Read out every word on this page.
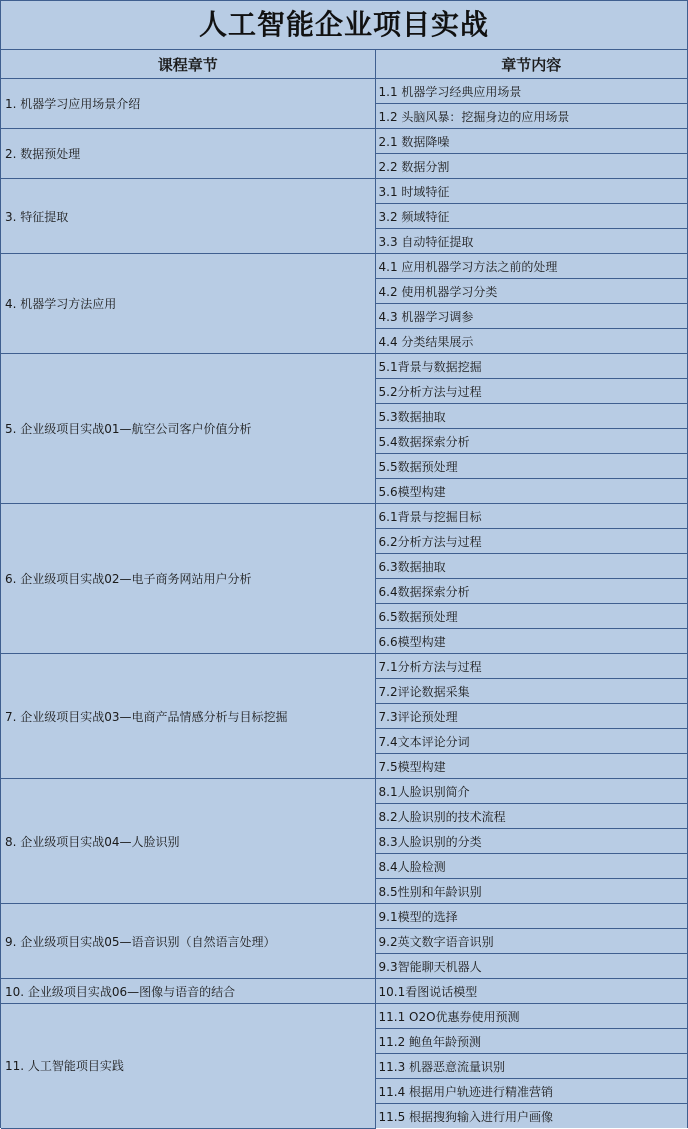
人工智能企业项目实战
课程章节	章节内容
1. 机器学习应用场景介绍	1.1 机器学习经典应用场景
	1.2 头脑风暴：挖掘身边的应用场景
2. 数据预处理	2.1 数据降噪
	2.2 数据分割
3. 特征提取	3.1 时域特征
	3.2 频域特征
	3.3 自动特征提取
4. 机器学习方法应用	4.1 应用机器学习方法之前的处理
	4.2 使用机器学习分类
	4.3 机器学习调参
	4.4 分类结果展示
5. 企业级项目实战01—航空公司客户价值分析	5.1背景与数据挖掘
	5.2分析方法与过程
	5.3数据抽取
	5.4数据探索分析
	5.5数据预处理
	5.6模型构建
6. 企业级项目实战02—电子商务网站用户分析	6.1背景与挖掘目标
	6.2分析方法与过程
	6.3数据抽取
	6.4数据探索分析
	6.5数据预处理
	6.6模型构建
7. 企业级项目实战03—电商产品情感分析与目标挖掘	7.1分析方法与过程
	7.2评论数据采集
	7.3评论预处理
	7.4文本评论分词
	7.5模型构建
8. 企业级项目实战04—人脸识别	8.1人脸识别简介
	8.2人脸识别的技术流程
	8.3人脸识别的分类
	8.4人脸检测
	8.5性别和年龄识别
9. 企业级项目实战05—语音识别（自然语言处理）	9.1模型的选择
	9.2英文数字语音识别
	9.3智能聊天机器人
10. 企业级项目实战06—图像与语音的结合	10.1看图说话模型
11. 人工智能项目实践	11.1 O2O优惠券使用预测
	11.2 鲍鱼年龄预测
	11.3 机器恶意流量识别
	11.4 根据用户轨迹进行精准营销
	11.5 根据搜狗输入进行用户画像
